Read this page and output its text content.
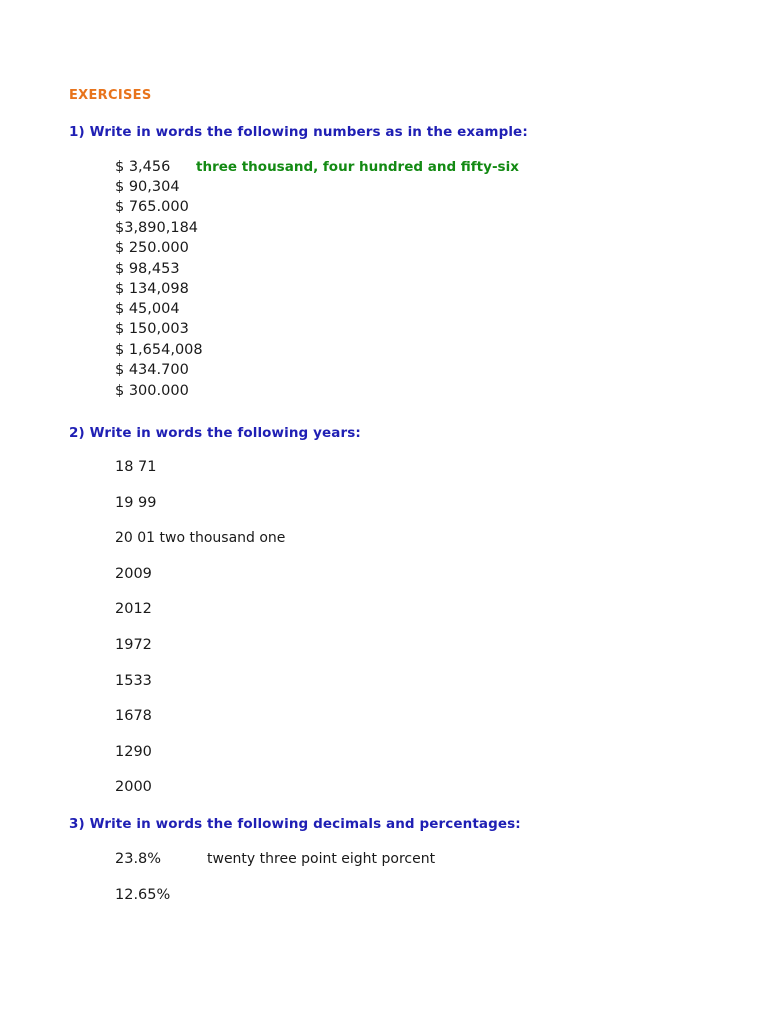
EXERCISES
1) Write in words the following numbers as in the example:
three thousand, four hundred and fifty-six
$ 3,456
$ 90,304
$ 765.000
$3,890,184
$ 250.000
$ 98,453
$ 134,098
$ 45,004
$ 150,003
$ 1,654,008
$ 434.700
$ 300.000
2) Write in words the following years:
18 71
19 99
20 01 two thousand one
2009
2012
1972
1533
1678
1290
2000
3) Write in words the following decimals and percentages:
23.8%	twenty three point eight porcent
12.65%
